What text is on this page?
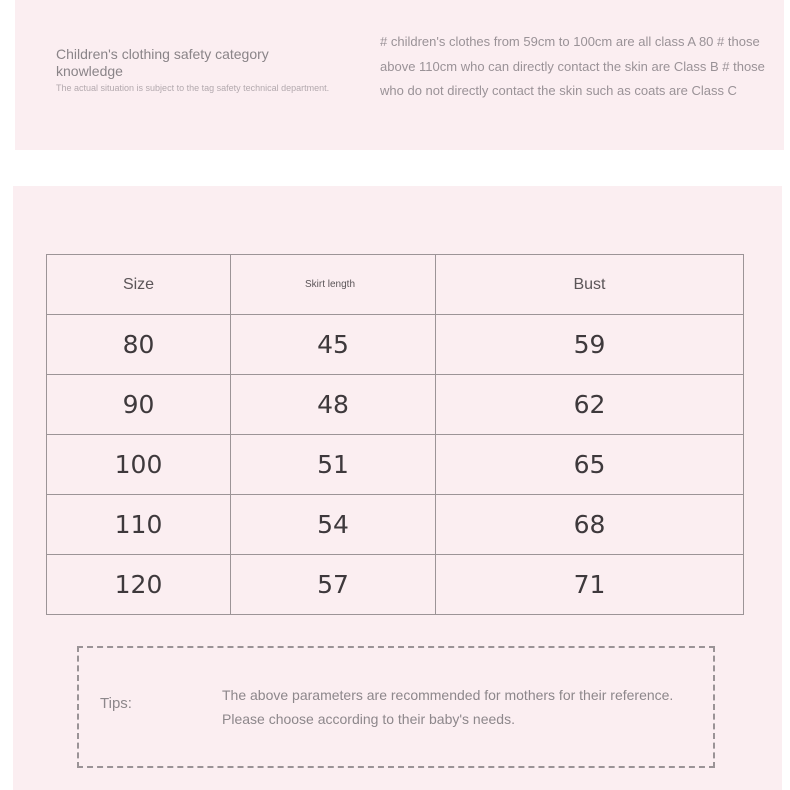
Children's clothing safety category knowledge
The actual situation is subject to the tag safety technical department.
# children's clothes from 59cm to 100cm are all class A 80 # those above 110cm who can directly contact the skin are Class B # those who do not directly contact the skin such as coats are Class C
Size	Skirt length	Bust
80	45	59
90	48	62
100	51	65
110	54	68
120	57	71
Tips:	The above parameters are recommended for mothers for their reference. Please choose according to their baby's needs.
